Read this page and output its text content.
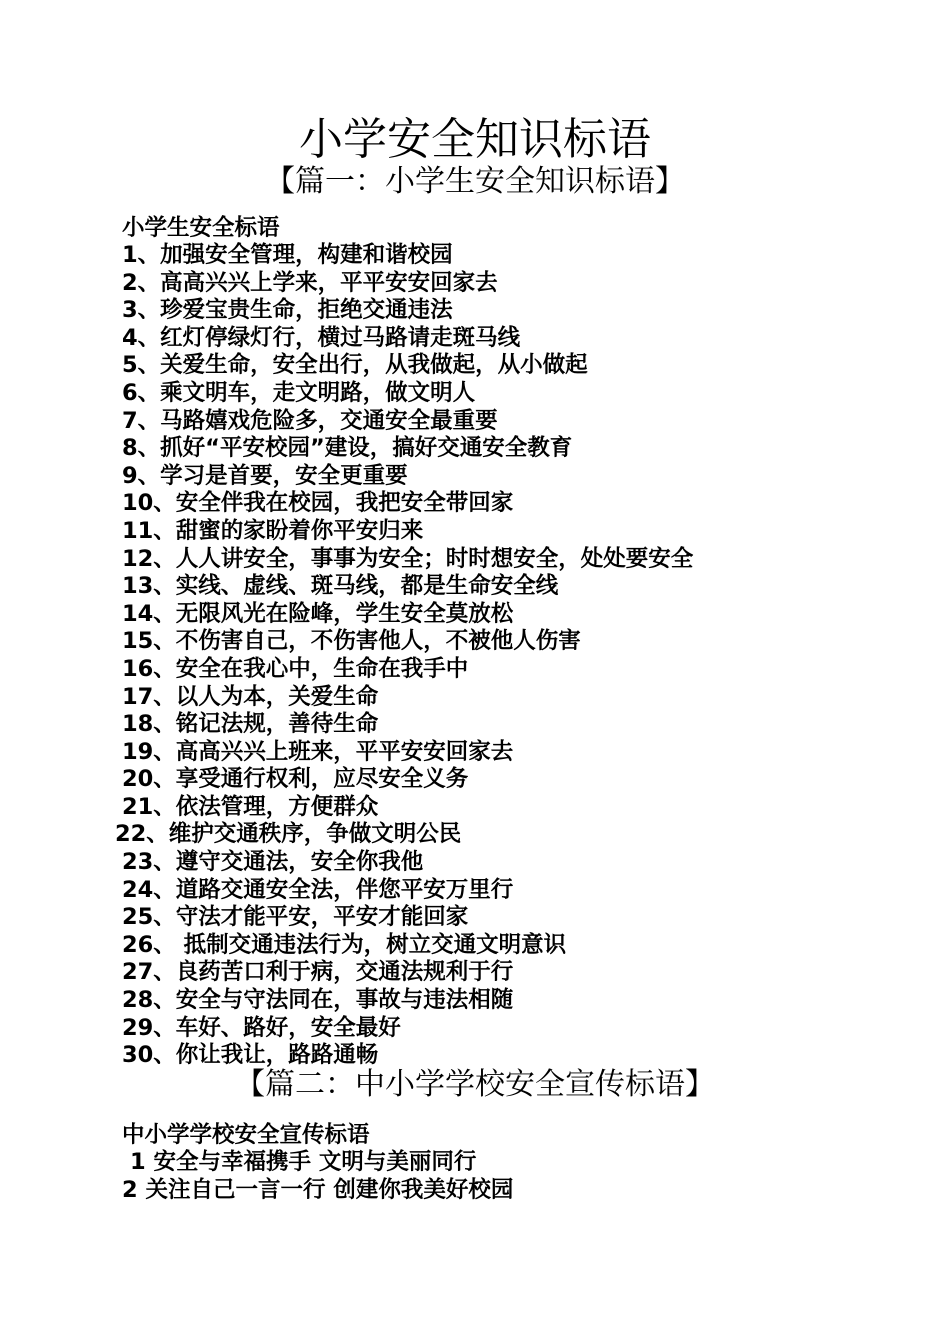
小学安全知识标语
【篇一：小学生安全知识标语】
小学生安全标语
1、加强安全管理，构建和谐校园
2、高高兴兴上学来，平平安安回家去
3、珍爱宝贵生命，拒绝交通违法
4、红灯停绿灯行，横过马路请走斑马线
5、关爱生命，安全出行，从我做起，从小做起
6、乘文明车，走文明路，做文明人
7、马路嬉戏危险多，交通安全最重要
8、抓好“平安校园”建设，搞好交通安全教育
9、学习是首要，安全更重要
10、安全伴我在校园，我把安全带回家
11、甜蜜的家盼着你平安归来
12、人人讲安全，事事为安全；时时想安全，处处要安全
13、实线、虚线、斑马线，都是生命安全线
14、无限风光在险峰，学生安全莫放松
15、不伤害自己，不伤害他人，不被他人伤害
16、安全在我心中，生命在我手中
17、以人为本，关爱生命
18、铭记法规，善待生命
19、高高兴兴上班来，平平安安回家去
20、享受通行权利，应尽安全义务
21、依法管理，方便群众
22、维护交通秩序，争做文明公民
23、遵守交通法，安全你我他
24、道路交通安全法，伴您平安万里行
25、守法才能平安，平安才能回家
26、 抵制交通违法行为，树立交通文明意识
27、良药苦口利于病，交通法规利于行
28、安全与守法同在，事故与违法相随
29、车好、路好，安全最好
30、你让我让，路路通畅
【篇二：中小学学校安全宣传标语】
中小学学校安全宣传标语
1 安全与幸福携手 文明与美丽同行
2 关注自己一言一行 创建你我美好校园
